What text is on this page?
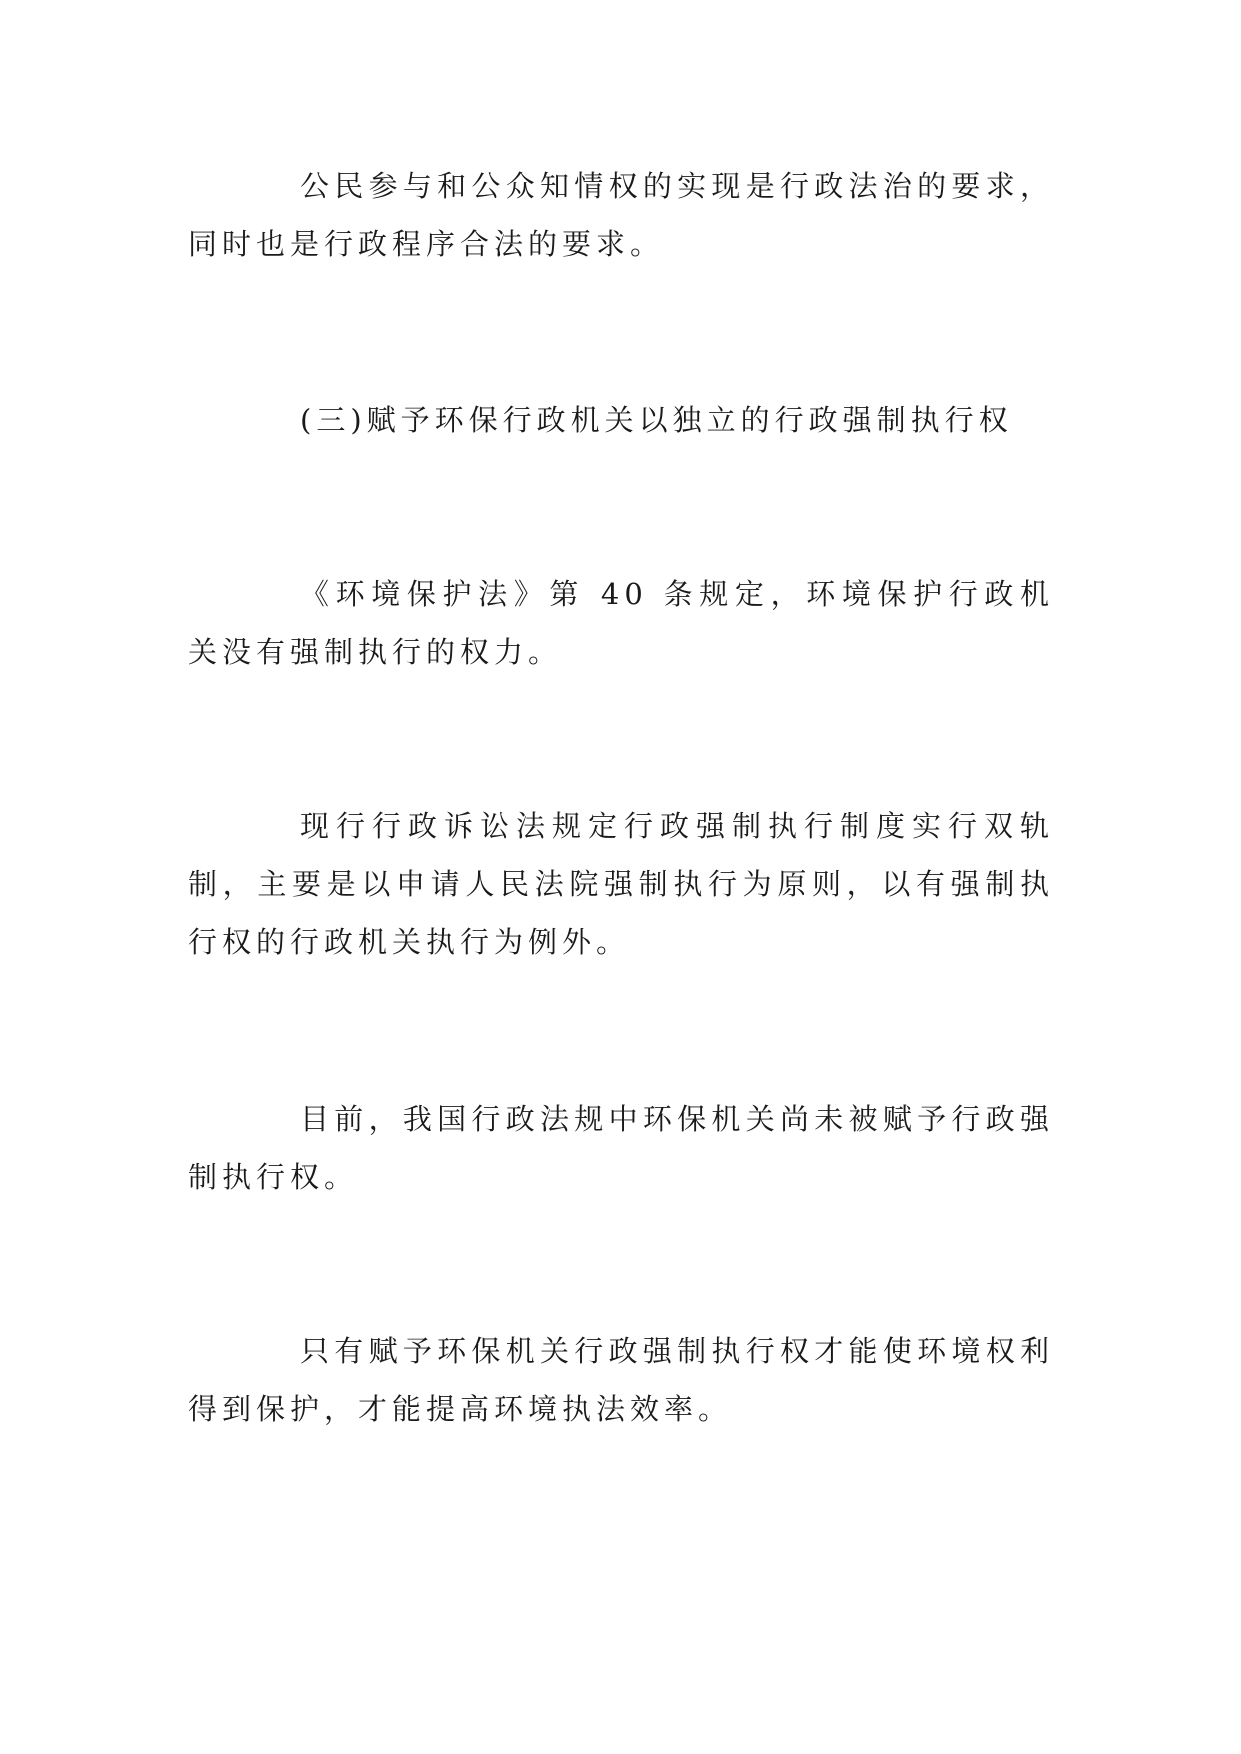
公民参与和公众知情权的实现是行政法治的要求，同时也是行政程序合法的要求。

(三)赋予环保行政机关以独立的行政强制执行权

《环境保护法》第 40 条规定，环境保护行政机关没有强制执行的权力。

现行行政诉讼法规定行政强制执行制度实行双轨制，主要是以申请人民法院强制执行为原则，以有强制执行权的行政机关执行为例外。

目前，我国行政法规中环保机关尚未被赋予行政强制执行权。

只有赋予环保机关行政强制执行权才能使环境权利得到保护，才能提高环境执法效率。
